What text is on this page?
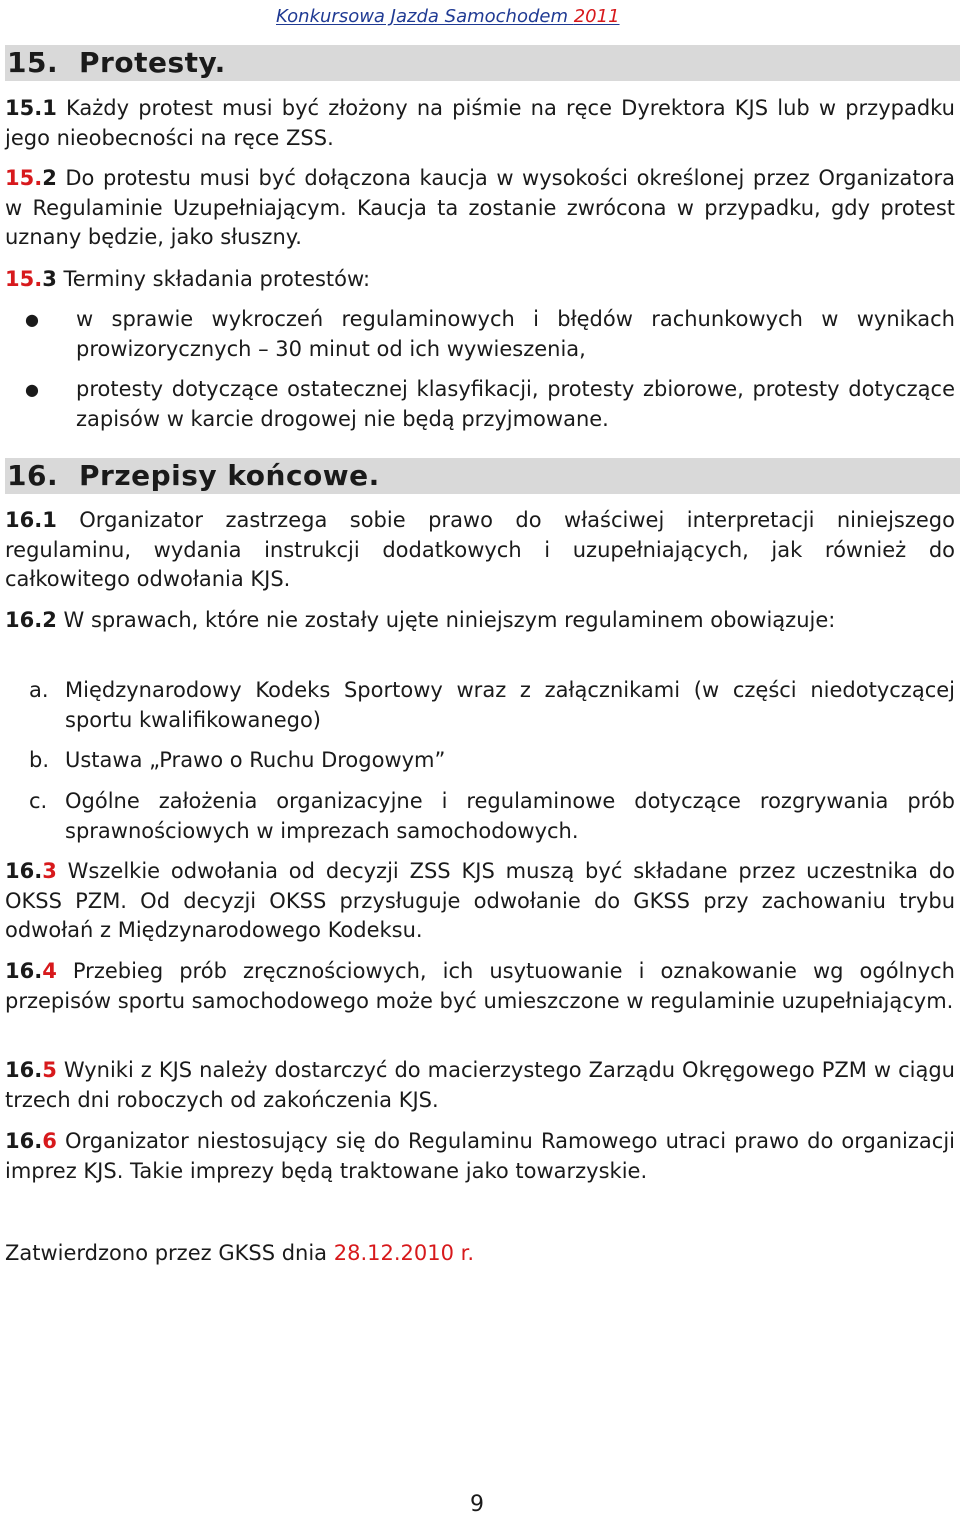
Konkursowa Jazda Samochodem 2011
15. Protesty.
15.1 Każdy protest musi być złożony na piśmie na ręce Dyrektora KJS lub w przypadku jego nieobecności na ręce ZSS.
15.2 Do protestu musi być dołączona kaucja w wysokości określonej przez Organizatora w Regulaminie Uzupełniającym. Kaucja ta zostanie zwrócona w przypadku, gdy protest uznany będzie, jako słuszny.
15.3 Terminy składania protestów:
● w sprawie wykroczeń regulaminowych i błędów rachunkowych w wynikach prowizorycznych – 30 minut od ich wywieszenia,
● protesty dotyczące ostatecznej klasyfikacji, protesty zbiorowe, protesty dotyczące zapisów w karcie drogowej nie będą przyjmowane.
16. Przepisy końcowe.
16.1 Organizator zastrzega sobie prawo do właściwej interpretacji niniejszego regulaminu, wydania instrukcji dodatkowych i uzupełniających, jak również do całkowitego odwołania KJS.
16.2 W sprawach, które nie zostały ujęte niniejszym regulaminem obowiązuje:
a. Międzynarodowy Kodeks Sportowy wraz z załącznikami (w części niedotyczącej sportu kwalifikowanego)
b. Ustawa „Prawo o Ruchu Drogowym”
c. Ogólne założenia organizacyjne i regulaminowe dotyczące rozgrywania prób sprawnościowych w imprezach samochodowych.
16.3 Wszelkie odwołania od decyzji ZSS KJS muszą być składane przez uczestnika do OKSS PZM. Od decyzji OKSS przysługuje odwołanie do GKSS przy zachowaniu trybu odwołań z Międzynarodowego Kodeksu.
16.4 Przebieg prób zręcznościowych, ich usytuowanie i oznakowanie wg ogólnych przepisów sportu samochodowego może być umieszczone w regulaminie uzupełniającym.
16.5 Wyniki z KJS należy dostarczyć do macierzystego Zarządu Okręgowego PZM w ciągu trzech dni roboczych od zakończenia KJS.
16.6 Organizator niestosujący się do Regulaminu Ramowego utraci prawo do organizacji imprez KJS. Takie imprezy będą traktowane jako towarzyskie.
Zatwierdzono przez GKSS dnia 28.12.2010 r.
9
